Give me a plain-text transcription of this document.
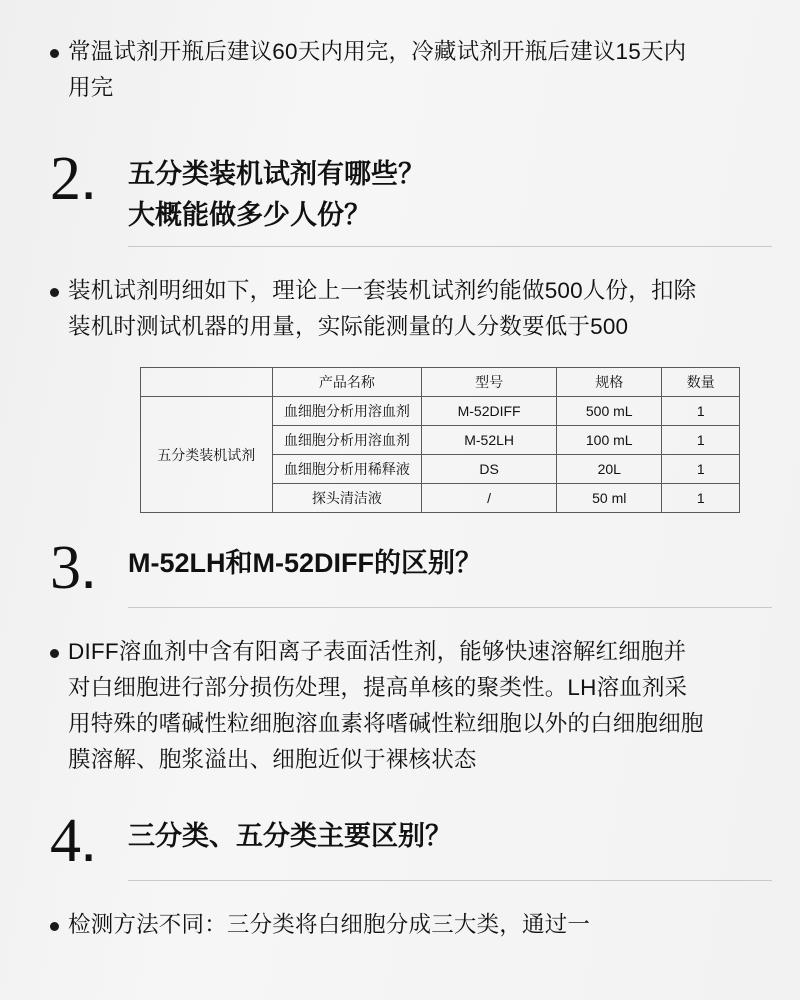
常温试剂开瓶后建议60天内用完，冷藏试剂开瓶后建议15天内用完
2.	五分类装机试剂有哪些？
大概能做多少人份？
装机试剂明细如下，理论上一套装机试剂约能做500人份，扣除装机时测试机器的用量，实际能测量的人分数要低于500
	产品名称	型号	规格	数量
五分类装机试剂	血细胞分析用溶血剂	M-52DIFF	500 mL	1
	血细胞分析用溶血剂	M-52LH	100 mL	1
	血细胞分析用稀释液	DS	20L	1
	探头清洁液	/	50 ml	1
3.	M-52LH和M-52DIFF的区别？
DIFF溶血剂中含有阳离子表面活性剂，能够快速溶解红细胞并对白细胞进行部分损伤处理，提高单核的聚类性。LH溶血剂采用特殊的嗜碱性粒细胞溶血素将嗜碱性粒细胞以外的白细胞细胞膜溶解、胞浆溢出、细胞近似于裸核状态
4.	三分类、五分类主要区别？
检测方法不同：三分类将白细胞分成三大类，通过一
